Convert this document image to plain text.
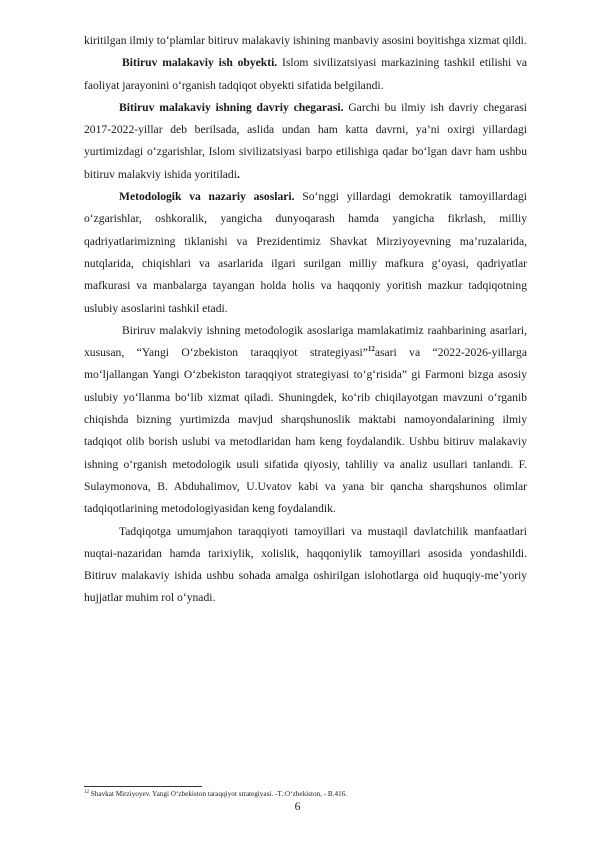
kiritilgan ilmiy to‘plamlar bitiruv malakaviy ishining manbaviy asosini boyitishga xizmat qildi.

Bitiruv malakaviy ish obyekti. Islom sivilizatsiyasi markazining tashkil etilishi va faoliyat jarayonini o‘rganish tadqiqot obyekti sifatida belgilandi.

Bitiruv malakaviy ishning davriy chegarasi. Garchi bu ilmiy ish davriy chegarasi 2017-2022-yillar deb berilsada, aslida undan ham katta davrni, ya’ni oxirgi yillardagi yurtimizdagi o‘zgarishlar, Islom sivilizatsiyasi barpo etilishiga qadar bo‘lgan davr ham ushbu bitiruv malakviy ishida yoritiladi.

Metodologik va nazariy asoslari. So‘nggi yillardagi demokratik tamoyillardagi o‘zgarishlar, oshkoralik, yangicha dunyoqarash hamda yangicha fikrlash, milliy qadriyatlarimizning tiklanishi va Prezidentimiz Shavkat Mirziyoyevning ma’ruzalarida, nutqlarida, chiqishlari va asarlarida ilgari surilgan milliy mafkura g‘oyasi, qadriyatlar mafkurasi va manbalarga tayangan holda holis va haqqoniy yoritish mazkur tadqiqotning uslubiy asoslarini tashkil etadi.

Biriruv malakviy ishning metodologik asoslariga mamlakatimiz raahbarining asarlari, xususan, “Yangi O‘zbekiston taraqqiyot strategiyasi”$^{12}$asari va “2022-2026-yillarga mo‘ljallangan Yangi O‘zbekiston taraqqiyot strategiyasi to‘g‘risida” gi Farmoni bizga asosiy uslubiy yo‘llanma bo‘lib xizmat qiladi. Shuningdek, ko‘rib chiqilayotgan mavzuni o‘rganib chiqishda bizning yurtimizda mavjud sharqshunoslik maktabi namoyondalarining ilmiy tadqiqot olib borish uslubi va metodlaridan ham keng foydalandik. Ushbu bitiruv malakaviy ishning o‘rganish metodologik usuli sifatida qiyosiy, tahliliy va analiz usullari tanlandi. F. Sulaymonova, B. Abduhalimov, U.Uvatov kabi va yana bir qancha sharqshunos olimlar tadqiqotlarining metodologiyasidan keng foydalandik.

Tadqiqotga umumjahon taraqqiyoti tamoyillari va mustaqil davlatchilik manfaatlari nuqtai-nazaridan hamda tarixiylik, xolislik, haqqoniylik tamoyillari asosida yondashildi. Bitiruv malakaviy ishida ushbu sohada amalga oshirilgan islohotlarga oid huquqiy-me’yoriy hujjatlar muhim rol o‘ynadi.

$^{12}$ Shavkat Mirziyoyev. Yangi O‘zbekiston taraqqiyot strategiyasi. -T.:O‘zbekiston, - B.416.
6
